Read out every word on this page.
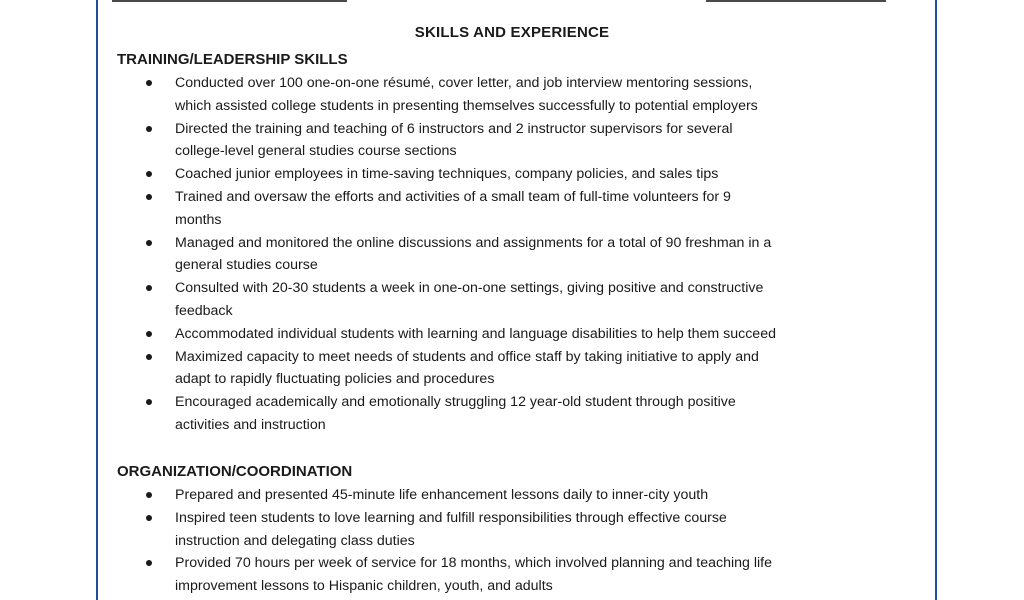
SKILLS AND EXPERIENCE
TRAINING/LEADERSHIP SKILLS
Conducted over 100 one-on-one résumé, cover letter, and job interview mentoring sessions,
which assisted college students in presenting themselves successfully to potential employers
Directed the training and teaching of 6 instructors and 2 instructor supervisors for several
college-level general studies course sections
Coached junior employees in time-saving techniques, company policies, and sales tips
Trained and oversaw the efforts and activities of a small team of full-time volunteers for 9
months
Managed and monitored the online discussions and assignments for a total of 90 freshman in a
general studies course
Consulted with 20-30 students a week in one-on-one settings, giving positive and constructive
feedback
Accommodated individual students with learning and language disabilities to help them succeed
Maximized capacity to meet needs of students and office staff by taking initiative to apply and
adapt to rapidly fluctuating policies and procedures
Encouraged academically and emotionally struggling 12 year-old student through positive
activities and instruction
ORGANIZATION/COORDINATION
Prepared and presented 45-minute life enhancement lessons daily to inner-city youth
Inspired teen students to love learning and fulfill responsibilities through effective course
instruction and delegating class duties
Provided 70 hours per week of service for 18 months, which involved planning and teaching life
improvement lessons to Hispanic children, youth, and adults
